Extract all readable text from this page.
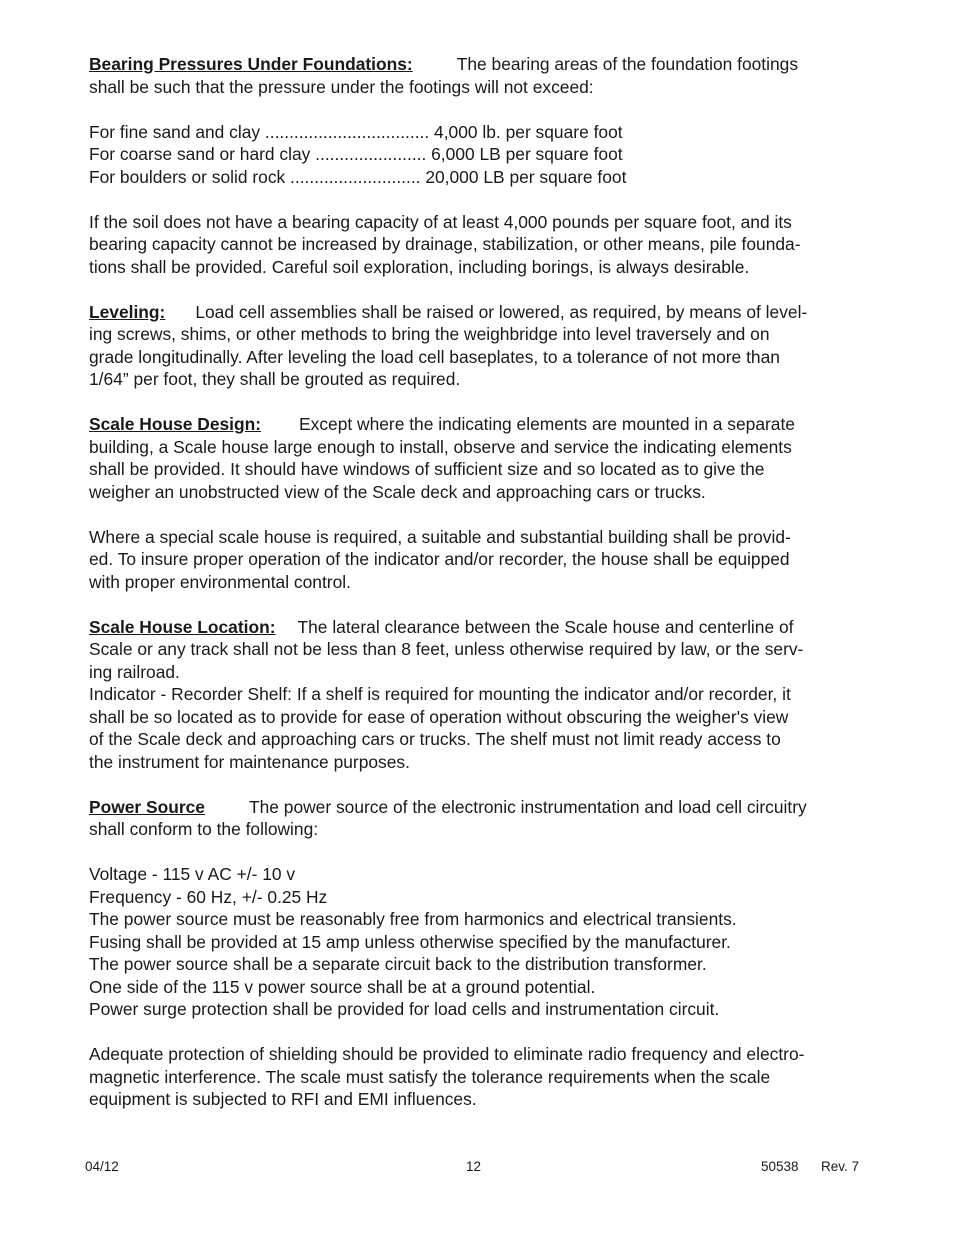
Bearing Pressures Under Foundations:	The bearing areas of the foundation footings
shall be such that the pressure under the footings will not exceed:
For fine sand and clay .................................. 4,000 lb. per square foot
For coarse sand or hard clay ....................... 6,000 LB per square foot
For boulders or solid rock ........................... 20,000 LB per square foot
If the soil does not have a bearing capacity of at least 4,000 pounds per square foot, and its
bearing capacity cannot be increased by drainage, stabilization, or other means, pile founda-
tions shall be provided. Careful soil exploration, including borings, is always desirable.
Leveling: Load cell assemblies shall be raised or lowered, as required, by means of level-
ing screws, shims, or other methods to bring the weighbridge into level traversely and on
grade longitudinally. After leveling the load cell baseplates, to a tolerance of not more than
1/64” per foot, they shall be grouted as required.
Scale House Design: Except where the indicating elements are mounted in a separate
building, a Scale house large enough to install, observe and service the indicating elements
shall be provided. It should have windows of sufficient size and so located as to give the
weigher an unobstructed view of the Scale deck and approaching cars or trucks.
Where a special scale house is required, a suitable and substantial building shall be provid-
ed. To insure proper operation of the indicator and/or recorder, the house shall be equipped
with proper environmental control.
Scale House Location: The lateral clearance between the Scale house and centerline of
Scale or any track shall not be less than 8 feet, unless otherwise required by law, or the serv-
ing railroad.
Indicator - Recorder Shelf: If a shelf is required for mounting the indicator and/or recorder, it
shall be so located as to provide for ease of operation without obscuring the weigher's view
of the Scale deck and approaching cars or trucks. The shelf must not limit ready access to
the instrument for maintenance purposes.
Power Source	The power source of the electronic instrumentation and load cell circuitry
shall conform to the following:
Voltage - 115 v AC +/- 10 v
Frequency - 60 Hz, +/- 0.25 Hz
The power source must be reasonably free from harmonics and electrical transients.
Fusing shall be provided at 15 amp unless otherwise specified by the manufacturer.
The power source shall be a separate circuit back to the distribution transformer.
One side of the 115 v power source shall be at a ground potential.
Power surge protection shall be provided for load cells and instrumentation circuit.
Adequate protection of shielding should be provided to eliminate radio frequency and electro-
magnetic interference. The scale must satisfy the tolerance requirements when the scale
equipment is subjected to RFI and EMI influences.
04/12	12	50538      Rev. 7
